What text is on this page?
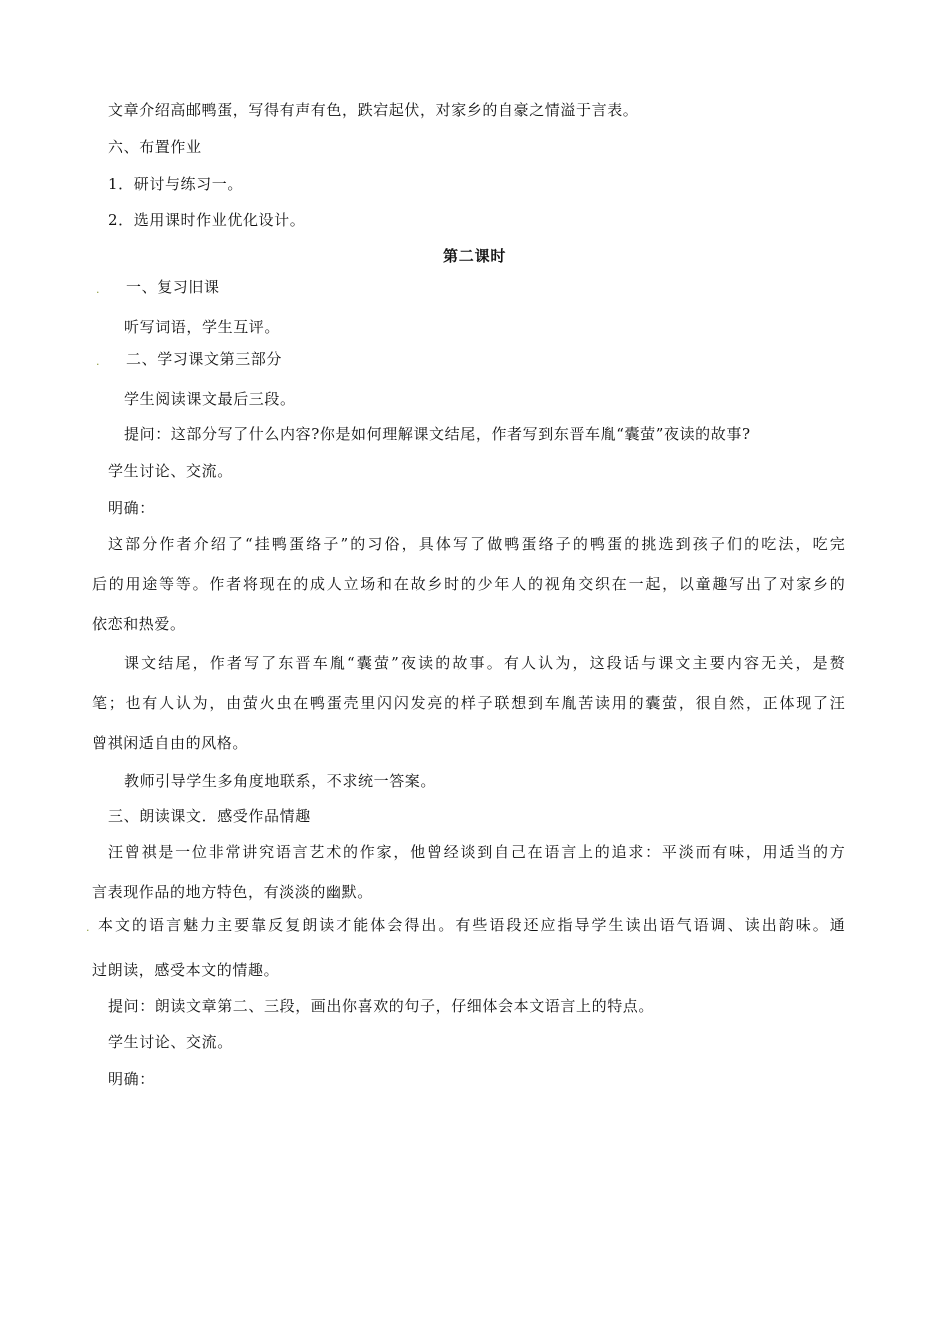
文章介绍高邮鸭蛋，写得有声有色，跌宕起伏，对家乡的自豪之情溢于言表。
六、布置作业
1．研讨与练习一。
2．选用课时作业优化设计。
第二课时
. 一、复习旧课
听写词语，学生互评。
. 二、学习课文第三部分
学生阅读课文最后三段。
提问：这部分写了什么内容?你是如何理解课文结尾，作者写到东晋车胤“囊萤”夜读的故事?
学生讨论、交流。
明确：
这部分作者介绍了“挂鸭蛋络子”的习俗，具体写了做鸭蛋络子的鸭蛋的挑选到孩子们的吃法，吃完
后的用途等等。作者将现在的成人立场和在故乡时的少年人的视角交织在一起，以童趣写出了对家乡的
依恋和热爱。
课文结尾，作者写了东晋车胤“囊萤”夜读的故事。有人认为，这段话与课文主要内容无关，是赘
笔；也有人认为，由萤火虫在鸭蛋壳里闪闪发亮的样子联想到车胤苦读用的囊萤，很自然，正体现了汪
曾祺闲适自由的风格。
教师引导学生多角度地联系，不求统一答案。
三、朗读课文．感受作品情趣
汪曾祺是一位非常讲究语言艺术的作家，他曾经谈到自己在语言上的追求：平淡而有味，用适当的方
言表现作品的地方特色，有淡淡的幽默。
. 本文的语言魅力主要靠反复朗读才能体会得出。有些语段还应指导学生读出语气语调、读出韵味。通
过朗读，感受本文的情趣。
提问：朗读文章第二、三段，画出你喜欢的句子，仔细体会本文语言上的特点。
学生讨论、交流。
明确：
